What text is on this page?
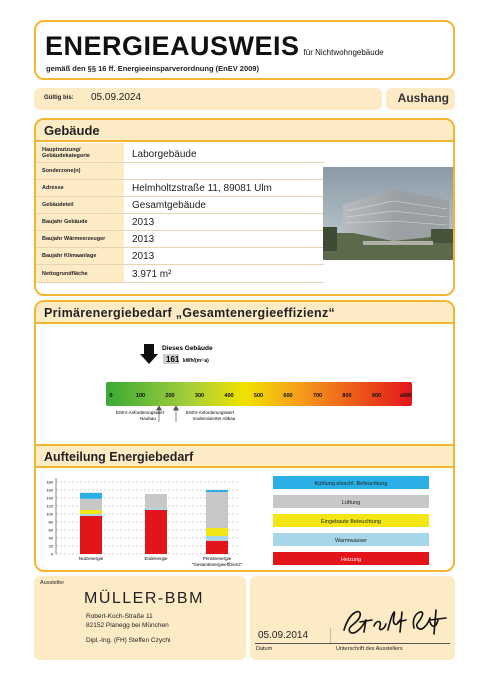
ENERGIEAUSWEIS für Nichtwohngebäude
gemäß den §§ 16 ff. Energieeinsparverordnung (EnEV 2009)
Gültig bis: 05.09.2024	Aushang
Gebäude
Hauptnutzung/ Gebäudekategorie	Laborgebäude
Sonderzone(n)
Adresse	Helmholtzstraße 11, 89081 Ulm
Gebäudeteil	Gesamtgebäude
Baujahr Gebäude	2013
Baujahr Wärmeerzeuger	2013
Baujahr Klimaanlage	2013
Nettogrundfläche	3.971 m²
Primärenergiebedarf „Gesamtenergieeffizienz“
Dieses Gebäude
161 kWh/(m²·a)
0	100	200	300	400	500	600	700	800	900	≥990
EnEV-Anforderungswert
Neubau
EnEV-Anforderungswert
modernisierter Altbau
Aufteilung Energiebedarf
0
20
40
60
80
100
120
140
160
180
Nutzenergie	Endenergie	Primärenergie
"Gesamtenergieeffizienz"
Kühlung einschl. Befeuchtung
Lüftung
Eingebaute Beleuchtung
Warmwasser
Heizung
Aussteller
MÜLLER-BBM
Robert-Koch-Straße 11
82152 Planegg bei München
Dipl.-Ing. (FH) Steffen Czychi	05.09.2014
Datum	Unterschrift des Ausstellers
